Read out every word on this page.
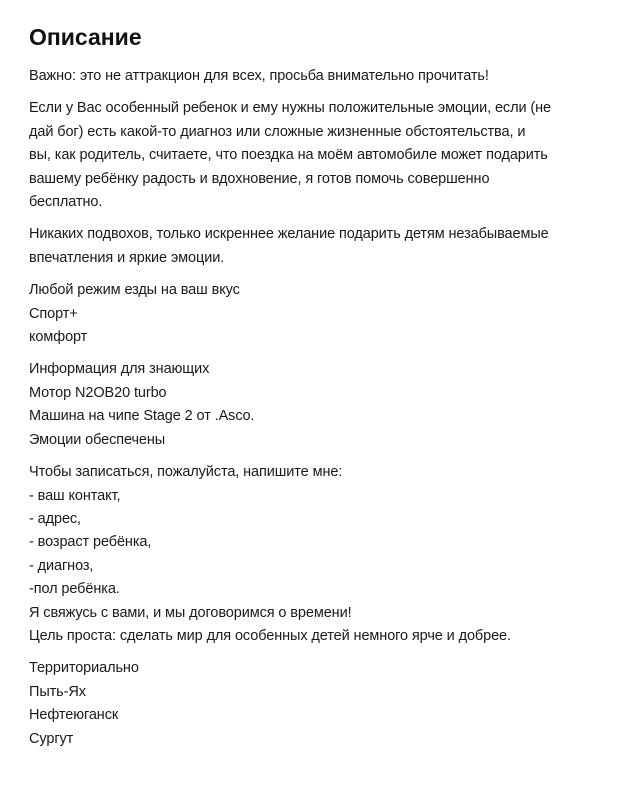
Описание

Важно: это не аттракцион для всех, просьба внимательно прочитать!

Если у Вас особенный ребенок и ему нужны положительные эмоции, если (не
дай бог) есть какой-то диагноз или сложные жизненные обстоятельства, и
вы, как родитель, считаете, что поездка на моём автомобиле может подарить
вашему ребёнку радость и вдохновение, я готов помочь совершенно
бесплатно.

Никаких подвохов, только искреннее желание подарить детям незабываемые
впечатления и яркие эмоции.

Любой режим езды на ваш вкус
Спорт+
комфорт

Информация для знающих
Мотор N2OB20 turbo
Машина на чипе Stage 2 от .Asco.
Эмоции обеспечены

Чтобы записаться, пожалуйста, напишите мне:
- ваш контакт,
- адрес,
- возраст ребёнка,
- диагноз,
-пол ребёнка.
Я свяжусь с вами, и мы договоримся о времени!
Цель проста: сделать мир для особенных детей немного ярче и добрее.

Территориально
Пыть-Ях
Нефтеюганск
Сургут
